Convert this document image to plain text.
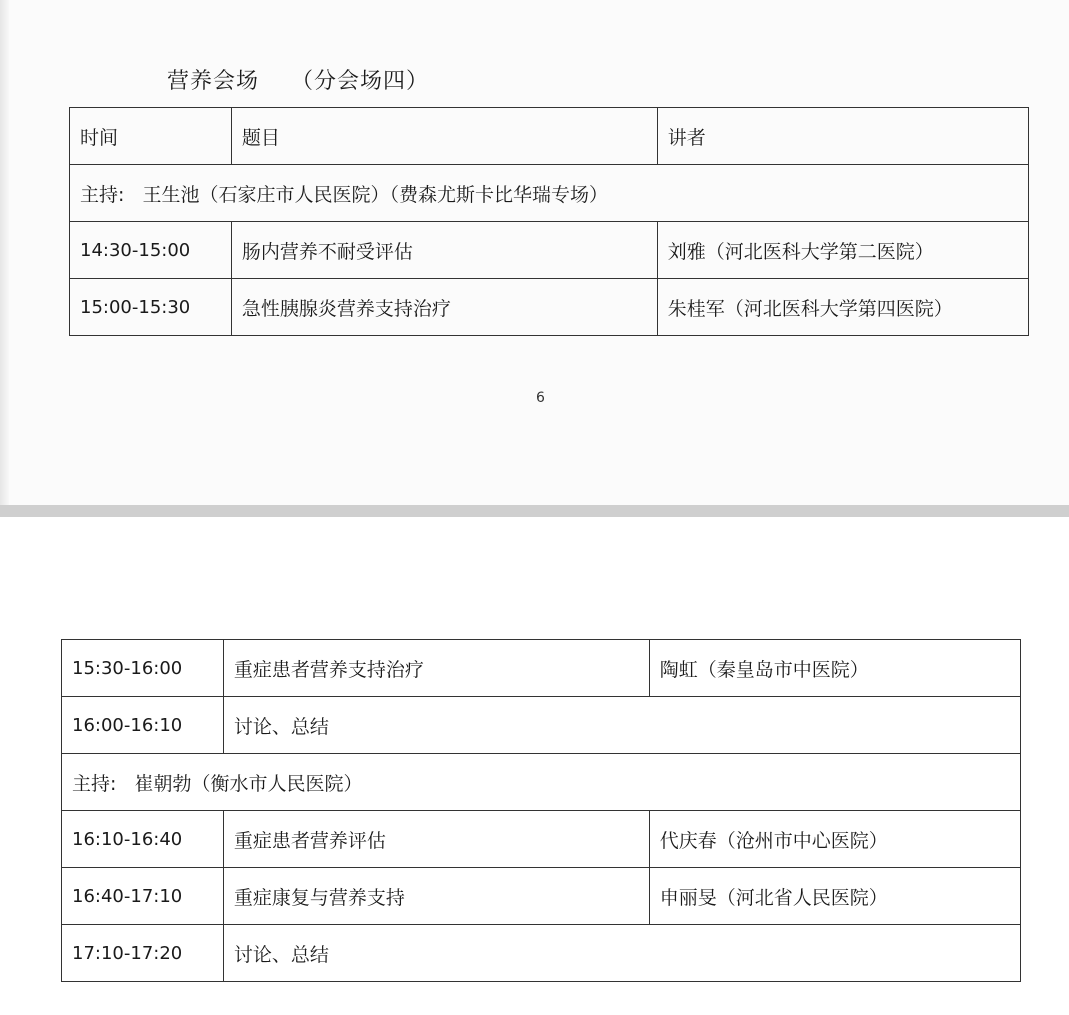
营养会场    （分会场四）
时间	题目	讲者
主持:   王生池（石家庄市人民医院）（费森尤斯卡比华瑞专场）		
14:30-15:00	肠内营养不耐受评估	刘雅（河北医科大学第二医院）
15:00-15:30	急性胰腺炎营养支持治疗	朱桂军（河北医科大学第四医院）
6
15:30-16:00	重症患者营养支持治疗	陶虹（秦皇岛市中医院）
16:00-16:10	讨论、总结	
主持:   崔朝勃（衡水市人民医院）		
16:10-16:40	重症患者营养评估	代庆春（沧州市中心医院）
16:40-17:10	重症康复与营养支持	申丽旻（河北省人民医院）
17:10-17:20	讨论、总结	
